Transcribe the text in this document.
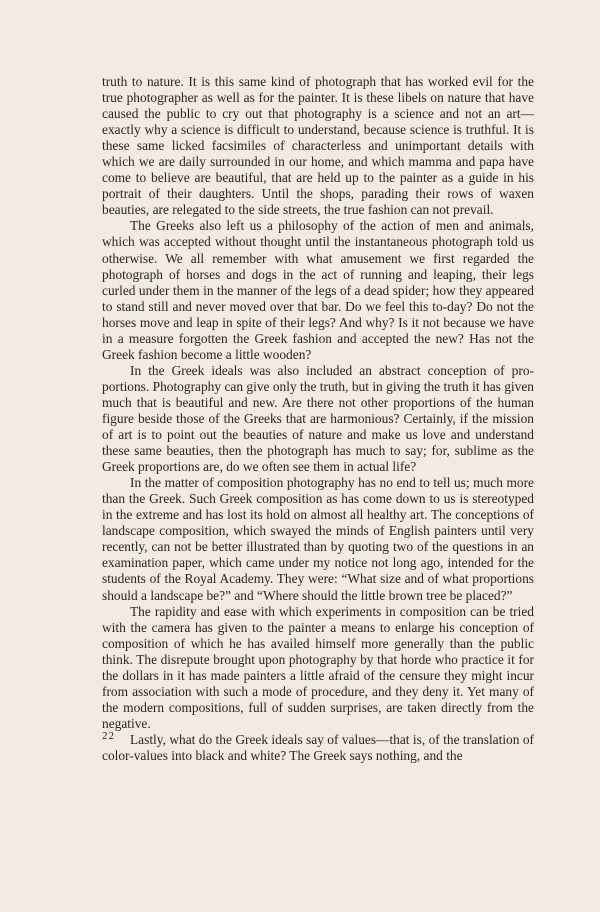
truth to nature. It is this same kind of photograph that has worked evil for the true photographer as well as for the painter. It is these libels on nature that have caused the public to cry out that photography is a science and not an art—exactly why a science is difficult to understand, because science is truthful. It is these same licked facsimiles of characterless and unimportant details with which we are daily surrounded in our home, and which mamma and papa have come to believe are beautiful, that are held up to the painter as a guide in his portrait of their daughters. Until the shops, parading their rows of waxen beauties, are relegated to the side streets, the true fashion can not prevail.

The Greeks also left us a philosophy of the action of men and animals, which was accepted without thought until the instantaneous photograph told us otherwise. We all remember with what amusement we first regarded the photograph of horses and dogs in the act of running and leaping, their legs curled under them in the manner of the legs of a dead spider; how they appeared to stand still and never moved over that bar. Do we feel this to-day? Do not the horses move and leap in spite of their legs? And why? Is it not because we have in a measure forgotten the Greek fashion and accepted the new? Has not the Greek fashion become a little wooden?

In the Greek ideals was also included an abstract conception of proportions. Photography can give only the truth, but in giving the truth it has given much that is beautiful and new. Are there not other proportions of the human figure beside those of the Greeks that are harmonious? Certainly, if the mission of art is to point out the beauties of nature and make us love and understand these same beauties, then the photograph has much to say; for, sublime as the Greek proportions are, do we often see them in actual life?

In the matter of composition photography has no end to tell us; much more than the Greek. Such Greek composition as has come down to us is stereotyped in the extreme and has lost its hold on almost all healthy art. The conceptions of landscape composition, which swayed the minds of English painters until very recently, can not be better illustrated than by quoting two of the questions in an examination paper, which came under my notice not long ago, intended for the students of the Royal Academy. They were: “What size and of what proportions should a landscape be?” and “Where should the little brown tree be placed?”

The rapidity and ease with which experiments in composition can be tried with the camera has given to the painter a means to enlarge his conception of composition of which he has availed himself more generally than the public think. The disrepute brought upon photography by that horde who practice it for the dollars in it has made painters a little afraid of the censure they might incur from association with such a mode of procedure, and they deny it. Yet many of the modern compositions, full of sudden surprises, are taken directly from the negative.

Lastly, what do the Greek ideals say of values—that is, of the translation of color-values into black and white? The Greek says nothing, and the

22
